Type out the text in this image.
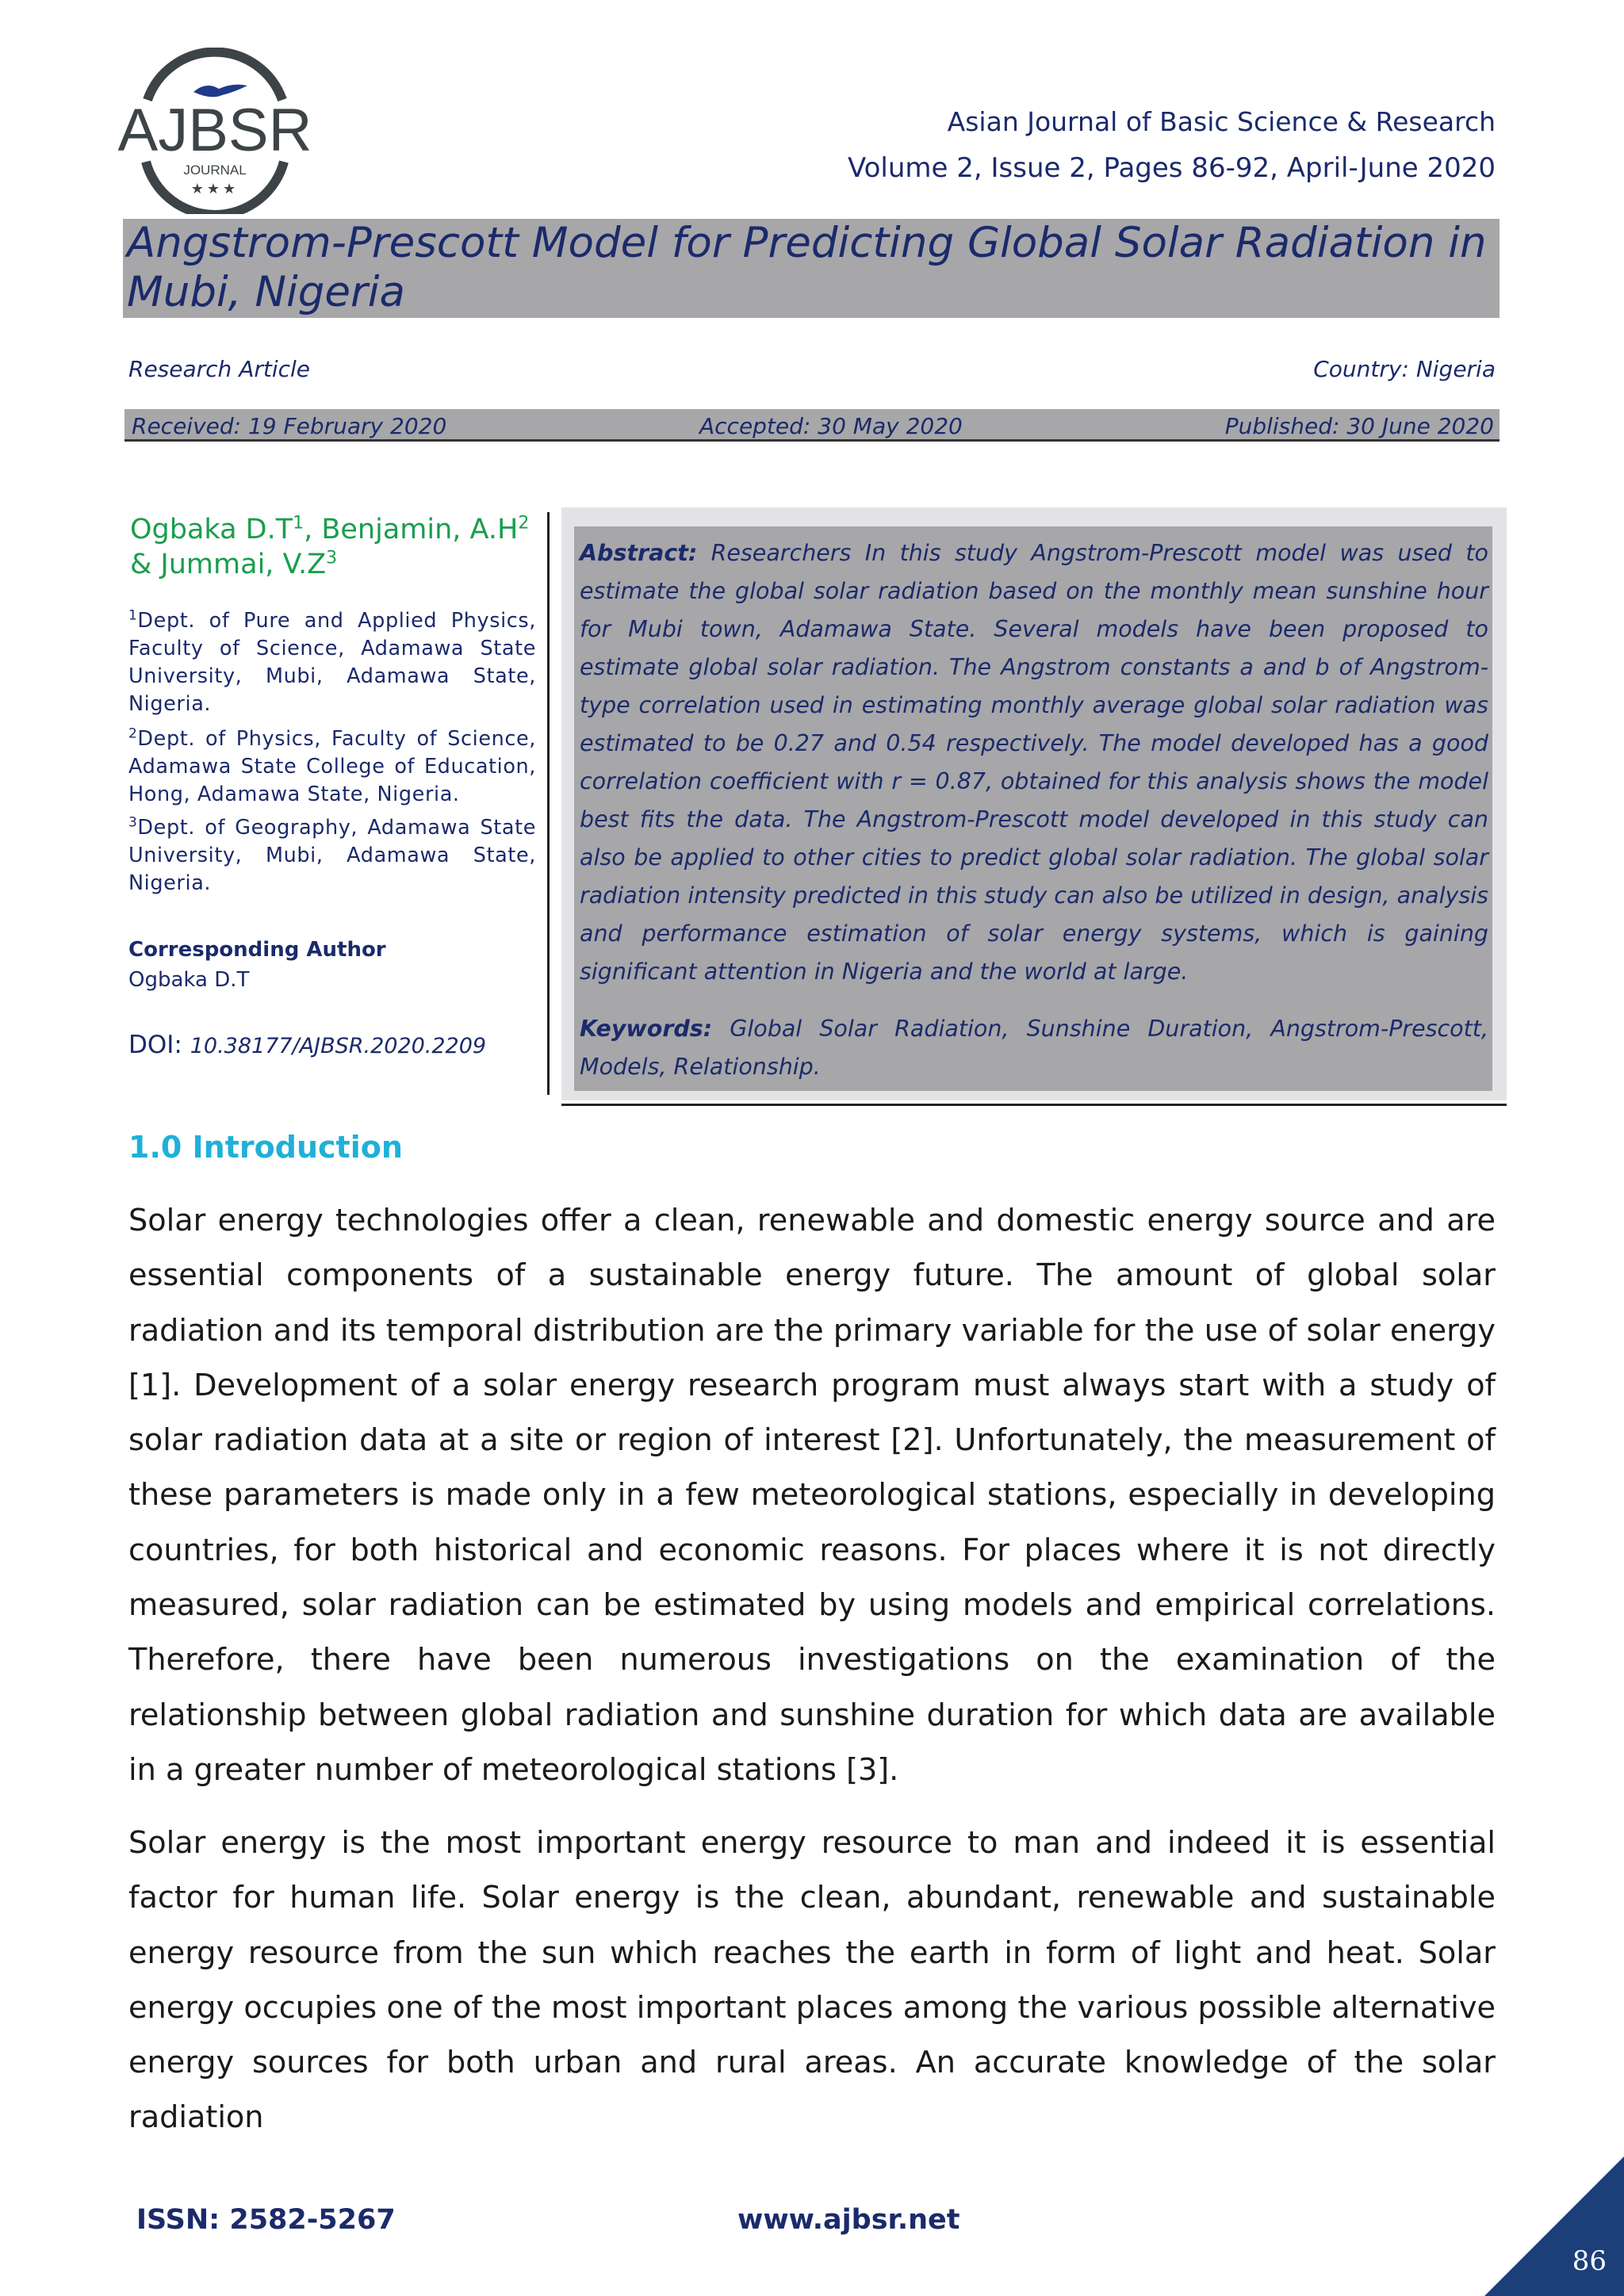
AJBSR
JOURNAL
★★★
Asian Journal of Basic Science & Research
Volume 2, Issue 2, Pages 86-92, April-June 2020
Angstrom-Prescott Model for Predicting Global Solar Radiation in Mubi, Nigeria
Research Article	Country: Nigeria
Received: 19 February 2020	Accepted: 30 May 2020	Published: 30 June 2020
Ogbaka $D.T^1$, Benjamin, $A.H^2$
& Jummai, $V.Z^3$
$^1$Dept. of Pure and Applied Physics, Faculty of Science, Adamawa State University, Mubi, Adamawa State, Nigeria.
$^2$Dept. of Physics, Faculty of Science, Adamawa State College of Education, Hong, Adamawa State, Nigeria.
$^3$Dept. of Geography, Adamawa State University, Mubi, Adamawa State, Nigeria.
Corresponding Author
Ogbaka D.T
DOI: 10.38177/AJBSR.2020.2209
Abstract: Researchers In this study Angstrom-Prescott model was used to estimate the global solar radiation based on the monthly mean sunshine hour for Mubi town, Adamawa State. Several models have been proposed to estimate global solar radiation. The Angstrom constants a and b of Angstrom-type correlation used in estimating monthly average global solar radiation was estimated to be 0.27 and 0.54 respectively. The model developed has a good correlation coefficient with r = 0.87, obtained for this analysis shows the model best fits the data. The Angstrom-Prescott model developed in this study can also be applied to other cities to predict global solar radiation. The global solar radiation intensity predicted in this study can also be utilized in design, analysis and performance estimation of solar energy systems, which is gaining significant attention in Nigeria and the world at large.
Keywords: Global Solar Radiation, Sunshine Duration, Angstrom-Prescott, Models, Relationship.
1.0 Introduction
Solar energy technologies offer a clean, renewable and domestic energy source and are essential components of a sustainable energy future. The amount of global solar radiation and its temporal distribution are the primary variable for the use of solar energy [1]. Development of a solar energy research program must always start with a study of solar radiation data at a site or region of interest [2]. Unfortunately, the measurement of these parameters is made only in a few meteorological stations, especially in developing countries, for both historical and economic reasons. For places where it is not directly measured, solar radiation can be estimated by using models and empirical correlations. Therefore, there have been numerous investigations on the examination of the relationship between global radiation and sunshine duration for which data are available in a greater number of meteorological stations [3].
Solar energy is the most important energy resource to man and indeed it is essential factor for human life. Solar energy is the clean, abundant, renewable and sustainable energy resource from the sun which reaches the earth in form of light and heat. Solar energy occupies one of the most important places among the various possible alternative energy sources for both urban and rural areas. An accurate knowledge of the solar radiation
ISSN: 2582-5267	www.ajbsr.net
86
